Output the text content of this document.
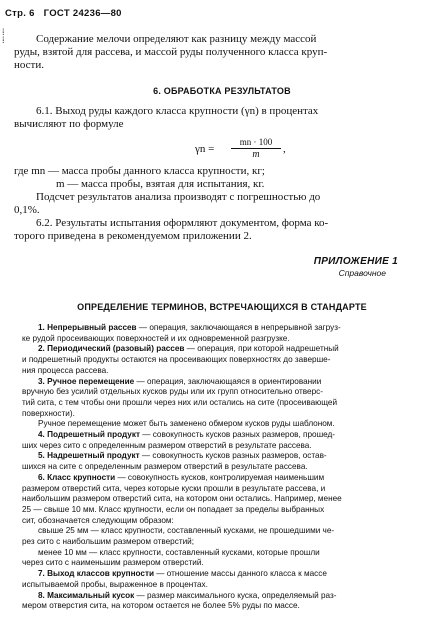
Стр. 6 ГОСТ 24236—80
⁞
⁞	Содержание мелочи определяют как разницу между массой
руды, взятой для рассева, и массой руды полученного класса круп-
ности.
6. ОБРАБОТКА РЕЗУЛЬТАТОВ
6.1. Выход руды каждого класса крупности (γn) в процентах
вычисляют по формуле
$\gamma n = \frac{mn \cdot 100}{m}$ ,
где mn — масса пробы данного класса крупности, кг;
m — масса пробы, взятая для испытания, кг.
Подсчет результатов анализа производят с погрешностью до
0,1%.
6.2. Результаты испытания оформляют документом, форма ко-
торого приведена в рекомендуемом приложении 2.
ПРИЛОЖЕНИЕ 1
Справочное
ОПРЕДЕЛЕНИЕ ТЕРМИНОВ, ВСТРЕЧАЮЩИХСЯ В СТАНДАРТЕ
1. Непрерывный рассев — операция, заключающаяся в непрерывной загруз-
ке рудой просеивающих поверхностей и их одновременной разгрузке.
2. Периодический (разовый) рассев — операция, при которой надрешетный
и подрешетный продукты остаются на просеивающих поверхностях до заверше-
ния процесса рассева.
3. Ручное перемещение — операция, заключающаяся в ориентировании
вручную без усилий отдельных кусков руды или их групп относительно отверс-
тий сита, с тем чтобы они прошли через них или остались на сите (просеивающей
поверхности).
Ручное перемещение может быть заменено обмером кусков руды шаблоном.
4. Подрешетный продукт — совокупность кусков разных размеров, прошед-
ших через сито с определенным размером отверстий в результате рассева.
5. Надрешетный продукт — совокупность кусков разных размеров, остав-
шихся на сите с определенным размером отверстий в результате рассева.
6. Класс крупности — совокупность кусков, контролируемая наименьшим
размером отверстий сита, через которые куски прошли в результате рассева, и
наибольшим размером отверстий сита, на котором они остались. Например, менее
25 — свыше 10 мм. Класс крупности, если он попадает за пределы выбранных
сит, обозначается следующим образом:
свыше 25 мм — класс крупности, составленный кусками, не прошедшими че-
рез сито с наибольшим размером отверстий;
менее 10 мм — класс крупности, составленный кусками, которые прошли
через сито с наименьшим размером отверстий.
7. Выход классов крупности — отношение массы данного класса к массе
испытываемой пробы, выраженное в процентах.
8. Максимальный кусок — размер максимального куска, определяемый раз-
мером отверстия сита, на котором остается не более 5% руды по массе.
